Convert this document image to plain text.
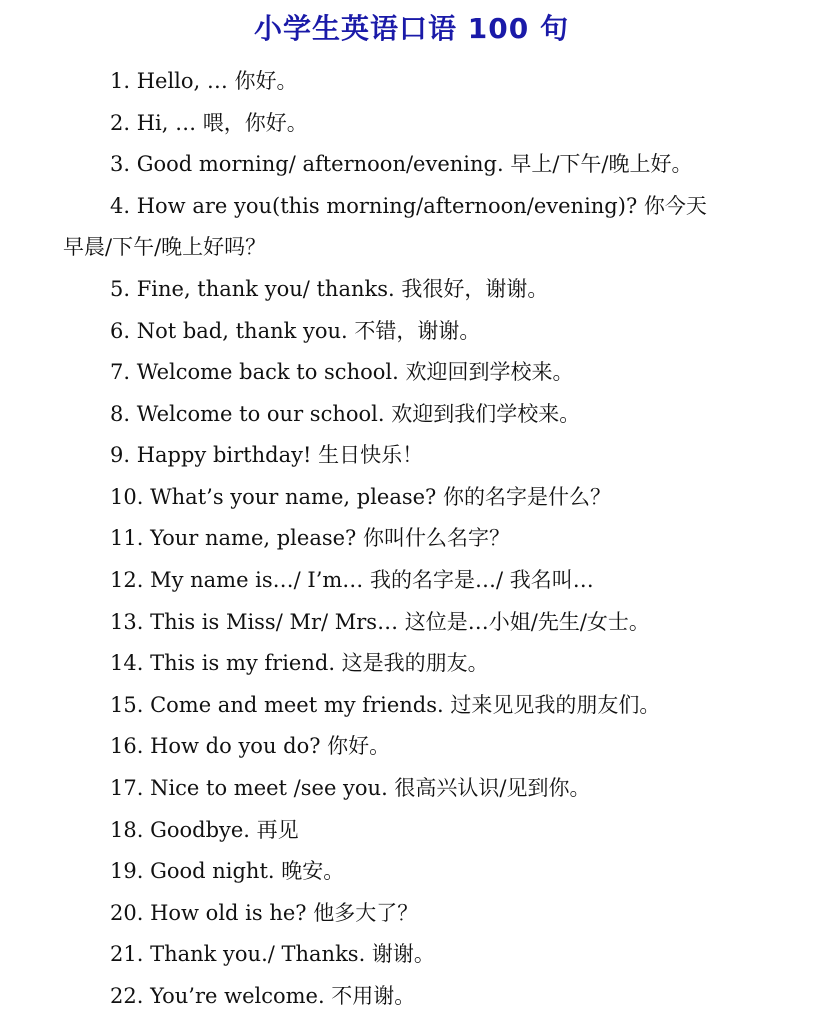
小学生英语口语 100 句
1. Hello, … 你好。
2. Hi, … 喂，你好。
3. Good morning/ afternoon/evening. 早上/下午/晚上好。
4. How are you(this morning/afternoon/evening)? 你今天
早晨/下午/晚上好吗？
5. Fine, thank you/ thanks. 我很好，谢谢。
6. Not bad, thank you. 不错，谢谢。
7. Welcome back to school. 欢迎回到学校来。
8. Welcome to our school. 欢迎到我们学校来。
9. Happy birthday! 生日快乐！
10. What’s your name, please? 你的名字是什么？
11. Your name, please? 你叫什么名字？
12. My name is…/ I’m… 我的名字是…/ 我名叫…
13. This is Miss/ Mr/ Mrs… 这位是…小姐/先生/女士。
14. This is my friend. 这是我的朋友。
15. Come and meet my friends. 过来见见我的朋友们。
16. How do you do? 你好。
17. Nice to meet /see you. 很高兴认识/见到你。
18. Goodbye. 再见
19. Good night. 晚安。
20. How old is he? 他多大了？
21. Thank you./ Thanks. 谢谢。
22. You’re welcome. 不用谢。
